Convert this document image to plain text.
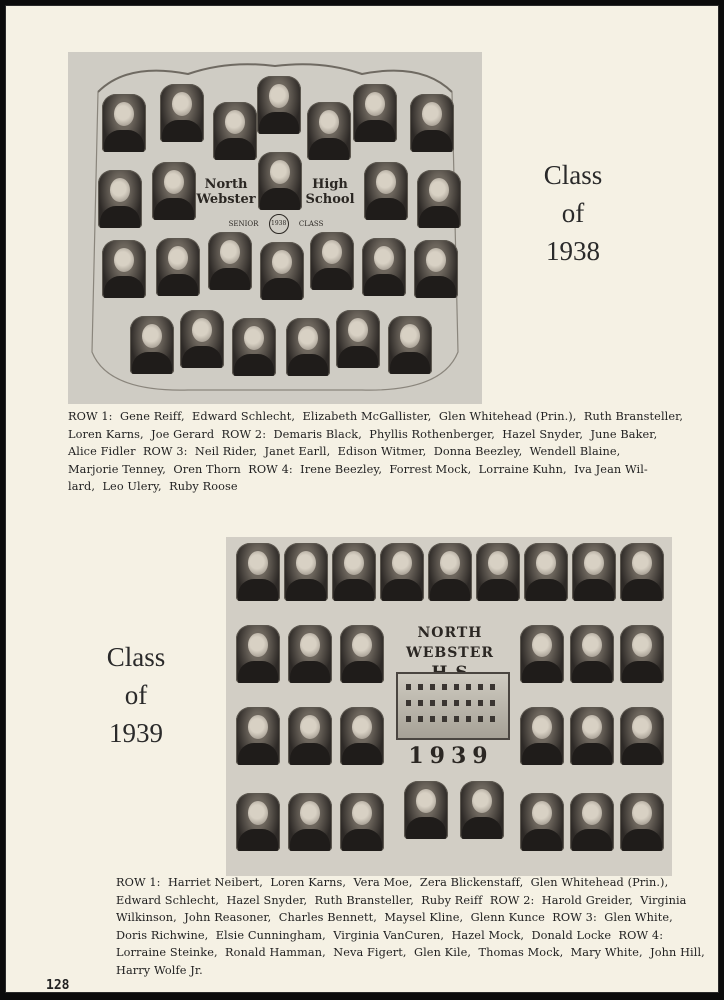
North
Webster
High
School
SENIOR 1938 CLASS
Class
of
1938
ROW 1:  Gene Reiff,  Edward Schlecht,  Elizabeth McGallister,  Glen Whitehead (Prin.),  Ruth Bransteller,
Loren Karns,  Joe Gerard  ROW 2:  Demaris Black,  Phyllis Rothenberger,  Hazel Snyder,  June Baker,
Alice Fidler  ROW 3:  Neil Rider,  Janet Earll,  Edison Witmer,  Donna Beezley,  Wendell Blaine,
Marjorie Tenney,  Oren Thorn  ROW 4:  Irene Beezley,  Forrest Mock,  Lorraine Kuhn,  Iva Jean Wil-
lard,  Leo Ulery,  Ruby Roose
NORTH WEBSTER
1939
Class
of
1939
ROW 1:  Harriet Neibert,  Loren Karns,  Vera Moe,  Zera Blickenstaff,  Glen Whitehead (Prin.),
Edward Schlecht,  Hazel Snyder,  Ruth Bransteller,  Ruby Reiff  ROW 2:  Harold Greider,  Virginia
Wilkinson,  John Reasoner,  Charles Bennett,  Maysel Kline,  Glenn Kunce  ROW 3:  Glen White,
Doris Richwine,  Elsie Cunningham,  Virginia VanCuren,  Hazel Mock,  Donald Locke  ROW 4:
Lorraine Steinke,  Ronald Hamman,  Neva Figert,  Glen Kile,  Thomas Mock,  Mary White,  John Hill,
Harry Wolfe Jr.
128
